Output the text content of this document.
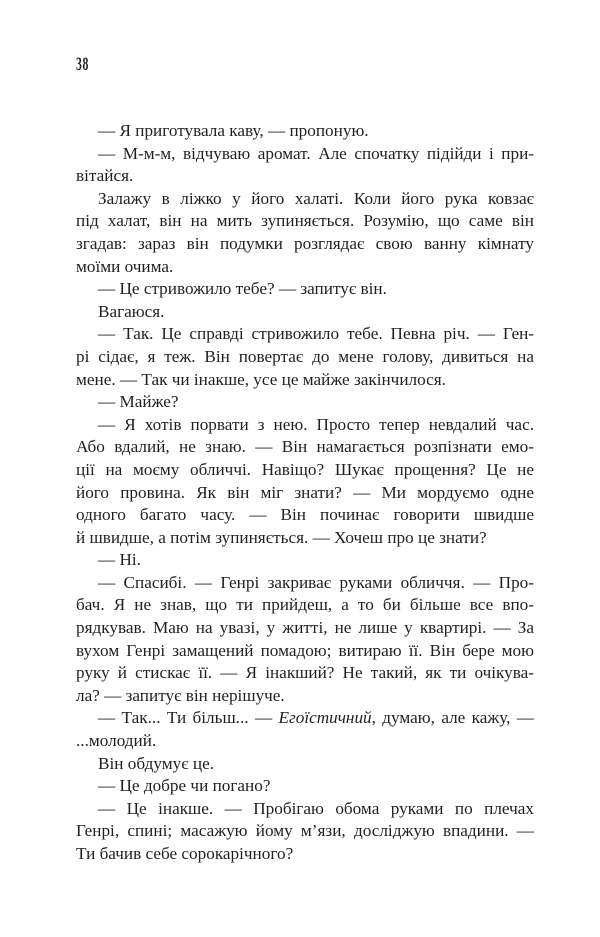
38
— Я приготувала каву, — пропоную.
— М-м-м, відчуваю аромат. Але спочатку підійди і при-
вітайся.
Залажу в ліжко у його халаті. Коли його рука ковзає
під халат, він на мить зупиняється. Розумію, що саме він
згадав: зараз він подумки розглядає свою ванну кімнату
моїми очима.
— Це стривожило тебе? — запитує він.
Вагаюся.
— Так. Це справді стривожило тебе. Певна річ. — Ген-
рі сідає, я теж. Він повертає до мене голову, дивиться на
мене. — Так чи інакше, усе це майже закінчилося.
— Майже?
— Я хотів порвати з нею. Просто тепер невдалий час.
Або вдалий, не знаю. — Він намагається розпізнати емо-
ції на моєму обличчі. Навіщо? Шукає прощення? Це не
його провина. Як він міг знати? — Ми мордуємо одне
одного багато часу. — Він починає говорити швидше
й швидше, а потім зупиняється. — Хочеш про це знати?
— Ні.
— Спасибі. — Генрі закриває руками обличчя. — Про-
бач. Я не знав, що ти прийдеш, а то би більше все впо-
рядкував. Маю на увазі, у житті, не лише у квартирі. — За
вухом Генрі замащений помадою; витираю її. Він бере мою
руку й стискає її. — Я інакший? Не такий, як ти очікува-
ла? — запитує він нерішуче.
— Так... Ти більш... — Егоїстичний, думаю, але кажу, —
...молодий.
Він обдумує це.
— Це добре чи погано?
— Це інакше. — Пробігаю обома руками по плечах
Генрі, спині; масажую йому м’язи, досліджую впадини. —
Ти бачив себе сорокарічного?
